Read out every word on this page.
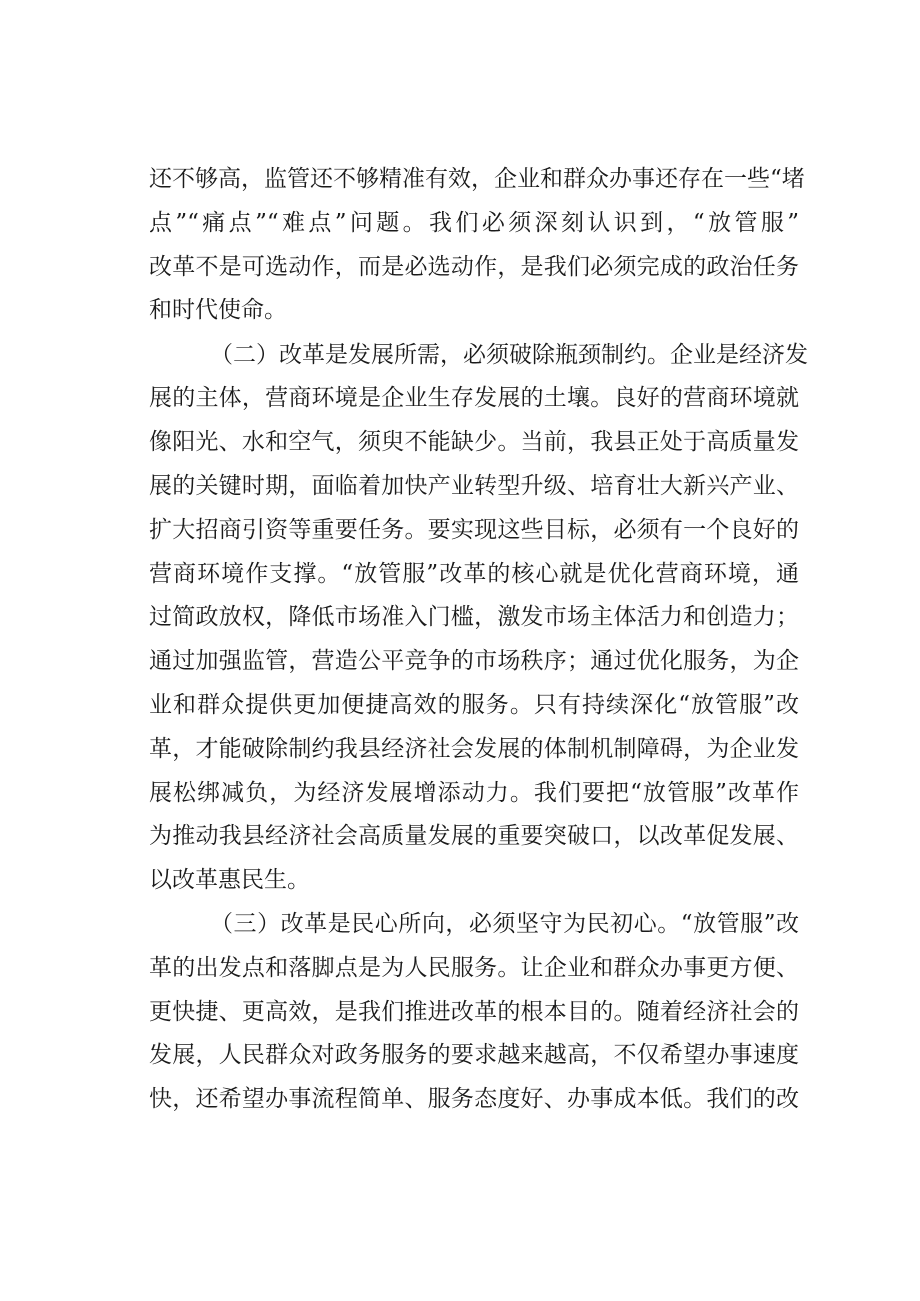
还不够高，监管还不够精准有效，企业和群众办事还存在一些“堵
点”“痛点”“难点”问题。我们必须深刻认识到，“放管服”
改革不是可选动作，而是必选动作，是我们必须完成的政治任务
和时代使命。
（二）改革是发展所需，必须破除瓶颈制约。企业是经济发
展的主体，营商环境是企业生存发展的土壤。良好的营商环境就
像阳光、水和空气，须臾不能缺少。当前，我县正处于高质量发
展的关键时期，面临着加快产业转型升级、培育壮大新兴产业、
扩大招商引资等重要任务。要实现这些目标，必须有一个良好的
营商环境作支撑。“放管服”改革的核心就是优化营商环境，通
过简政放权，降低市场准入门槛，激发市场主体活力和创造力；
通过加强监管，营造公平竞争的市场秩序；通过优化服务，为企
业和群众提供更加便捷高效的服务。只有持续深化“放管服”改
革，才能破除制约我县经济社会发展的体制机制障碍，为企业发
展松绑减负，为经济发展增添动力。我们要把“放管服”改革作
为推动我县经济社会高质量发展的重要突破口，以改革促发展、
以改革惠民生。
（三）改革是民心所向，必须坚守为民初心。“放管服”改
革的出发点和落脚点是为人民服务。让企业和群众办事更方便、
更快捷、更高效，是我们推进改革的根本目的。随着经济社会的
发展，人民群众对政务服务的要求越来越高，不仅希望办事速度
快，还希望办事流程简单、服务态度好、办事成本低。我们的改
